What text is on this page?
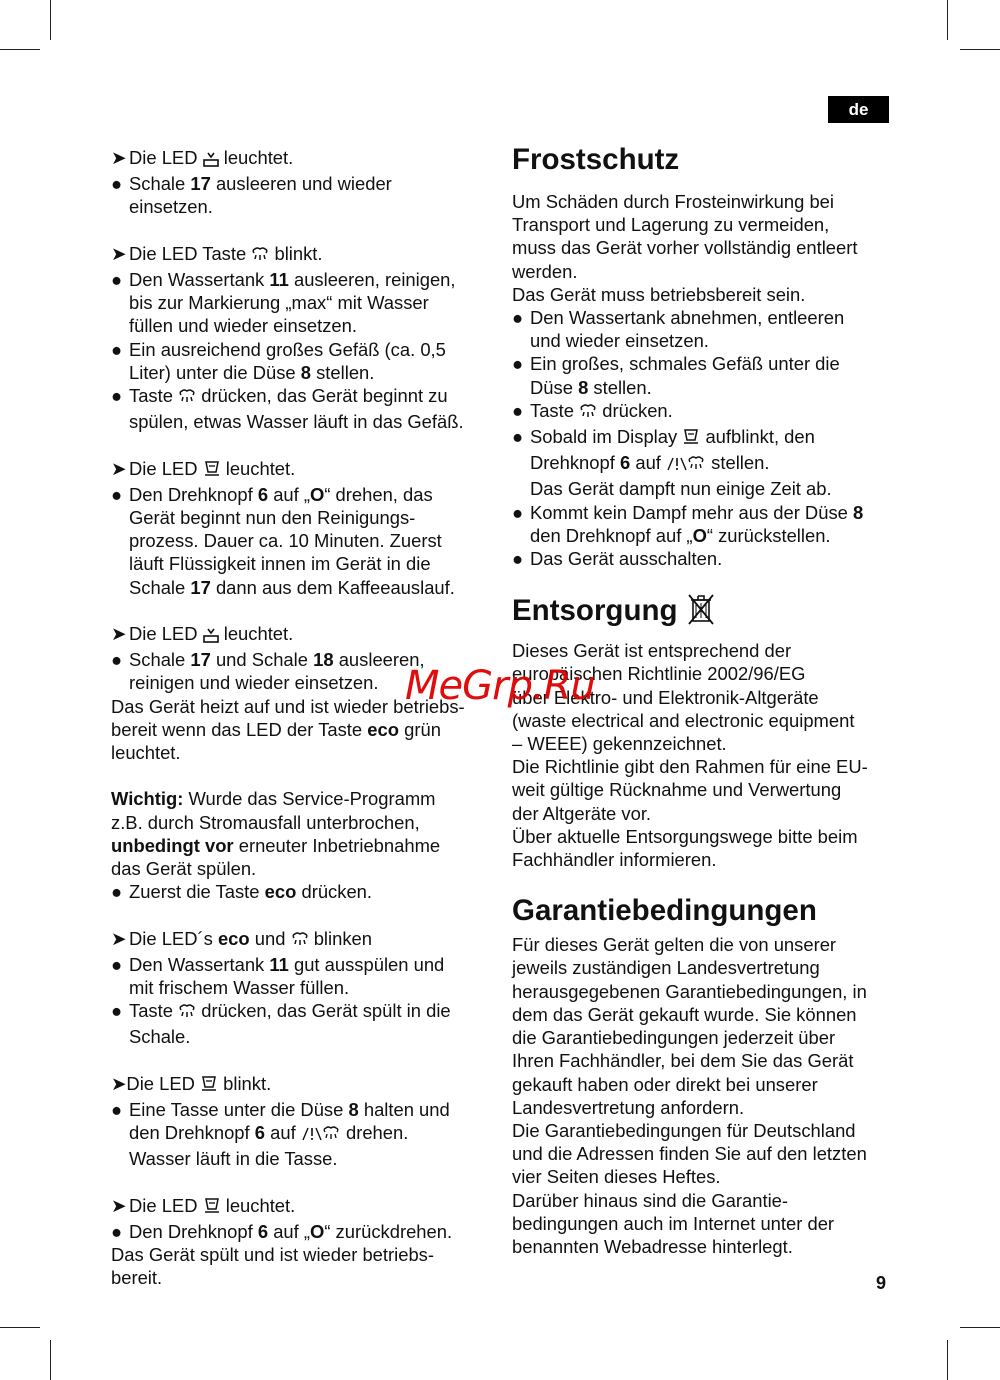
de
➤ Die LED leuchtet.
● Schale 17 ausleeren und wieder
einsetzen.
➤ Die LED Taste blinkt.
● Den Wassertank 11 ausleeren, reinigen,
bis zur Markierung „max“ mit Wasser
füllen und wieder einsetzen.
● Ein ausreichend großes Gefäß (ca. 0,5
Liter) unter die Düse 8 stellen.
● Taste drücken, das Gerät beginnt zu
spülen, etwas Wasser läuft in das Gefäß.
➤ Die LED leuchtet.
● Den Drehknopf 6 auf „O“ drehen, das
Gerät beginnt nun den Reinigungs-
prozess. Dauer ca. 10 Minuten. Zuerst
läuft Flüssigkeit innen im Gerät in die
Schale 17 dann aus dem Kaffeeauslauf.
➤ Die LED leuchtet.
● Schale 17 und Schale 18 ausleeren,
reinigen und wieder einsetzen.
Das Gerät heizt auf und ist wieder betriebs-
bereit wenn das LED der Taste eco grün
leuchtet.
Wichtig: Wurde das Service-Programm
z.B. durch Stromausfall unterbrochen,
unbedingt vor erneuter Inbetriebnahme
das Gerät spülen.
● Zuerst die Taste eco drücken.
➤ Die LED´s eco und blinken
● Den Wassertank 11 gut ausspülen und
mit frischem Wasser füllen.
● Taste drücken, das Gerät spült in die
Schale.
➤Die LED blinkt.
● Eine Tasse unter die Düse 8 halten und
den Drehknopf 6 auf	drehen.
Wasser läuft in die Tasse.
➤ Die LED leuchtet.
● Den Drehknopf 6 auf „O“ zurückdrehen.
Das Gerät spült und ist wieder betriebs-
bereit.
Frostschutz
Um Schäden durch Frosteinwirkung bei
Transport und Lagerung zu vermeiden,
muss das Gerät vorher vollständig entleert
werden.
Das Gerät muss betriebsbereit sein.
● Den Wassertank abnehmen, entleeren
und wieder einsetzen.
● Ein großes, schmales Gefäß unter die
Düse 8 stellen.
● Taste drücken.
● Sobald im Display aufblinkt, den
Drehknopf 6 auf	stellen.
Das Gerät dampft nun einige Zeit ab.
● Kommt kein Dampf mehr aus der Düse 8
den Drehknopf auf „O“ zurückstellen.
● Das Gerät ausschalten.
Entsorgung
Dieses Gerät ist entsprechend der
europäischen Richtlinie 2002/96/EG
über Elektro- und Elektronik-Altgeräte
(waste electrical and electronic equipment
– WEEE) gekennzeichnet.
Die Richtlinie gibt den Rahmen für eine EU-
weit gültige Rücknahme und Verwertung
der Altgeräte vor.
Über aktuelle Entsorgungswege bitte beim
Fachhändler informieren.
Garantiebedingungen
Für dieses Gerät gelten die von unserer
jeweils zuständigen Landesvertretung
herausgegebenen Garantiebedingungen, in
dem das Gerät gekauft wurde. Sie können
die Garantiebedingungen jederzeit über
Ihren Fachhändler, bei dem Sie das Gerät
gekauft haben oder direkt bei unserer
Landesvertretung anfordern.
Die Garantiebedingungen für Deutschland
und die Adressen finden Sie auf den letzten
vier Seiten dieses Heftes.
Darüber hinaus sind die Garantie-
bedingungen auch im Internet unter der
benannten Webadresse hinterlegt.
MeGrp.Ru
9
